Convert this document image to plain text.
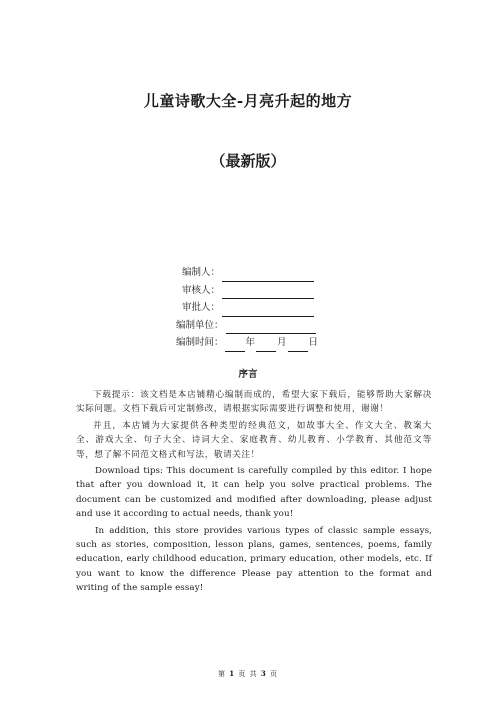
儿童诗歌大全-月亮升起的地方
（最新版）
编制人：
审核人：
审批人：
编制单位：
编制时间： 年 月 日
序言

下载提示：该文档是本店铺精心编制而成的，希望大家下载后，能够帮助大家解决实际问题。文档下载后可定制修改，请根据实际需要进行调整和使用，谢谢！

并且，本店铺为大家提供各种类型的经典范文，如故事大全、作文大全、教案大全、游戏大全、句子大全、诗词大全、家庭教育、幼儿教育、小学教育、其他范文等等，想了解不同范文格式和写法，敬请关注！

Download tips: This document is carefully compiled by this editor. I hope that after you download it, it can help you solve practical problems. The document can be customized and modified after downloading, please adjust and use it according to actual needs, thank you!

In addition, this store provides various types of classic sample essays, such as stories, composition, lesson plans, games, sentences, poems, family education, early childhood education, primary education, other models, etc. If you want to know the difference Please pay attention to the format and writing of the sample essay!

第 1 页 共 3 页
